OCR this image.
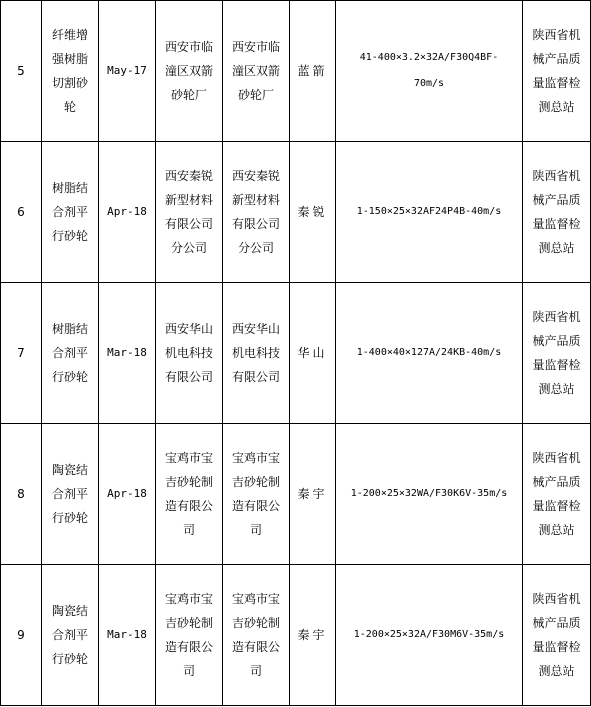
5	纤维增
强树脂
切割砂
轮	May-17	西安市临
潼区双箭
砂轮厂	西安市临
潼区双箭
砂轮厂	蓝箭	41-400×3.2×32A/F30Q4BF-
70m/s	陕西省机
械产品质
量监督检
测总站

6	树脂结
合剂平
行砂轮	Apr-18	西安秦锐
新型材料
有限公司
分公司	西安秦锐
新型材料
有限公司
分公司	秦锐	1-150×25×32AF24P4B-40m/s	陕西省机
械产品质
量监督检
测总站

7	树脂结
合剂平
行砂轮	Mar-18	西安华山
机电科技
有限公司	西安华山
机电科技
有限公司	华山	1-400×40×127A/24KB-40m/s	陕西省机
械产品质
量监督检
测总站

8	陶瓷结
合剂平
行砂轮	Apr-18	宝鸡市宝
吉砂轮制
造有限公
司	宝鸡市宝
吉砂轮制
造有限公
司	秦宇	1-200×25×32WA/F30K6V-35m/s	陕西省机
械产品质
量监督检
测总站

9	陶瓷结
合剂平
行砂轮	Mar-18	宝鸡市宝
吉砂轮制
造有限公
司	宝鸡市宝
吉砂轮制
造有限公
司	秦宇	1-200×25×32A/F30M6V-35m/s	陕西省机
械产品质
量监督检
测总站
